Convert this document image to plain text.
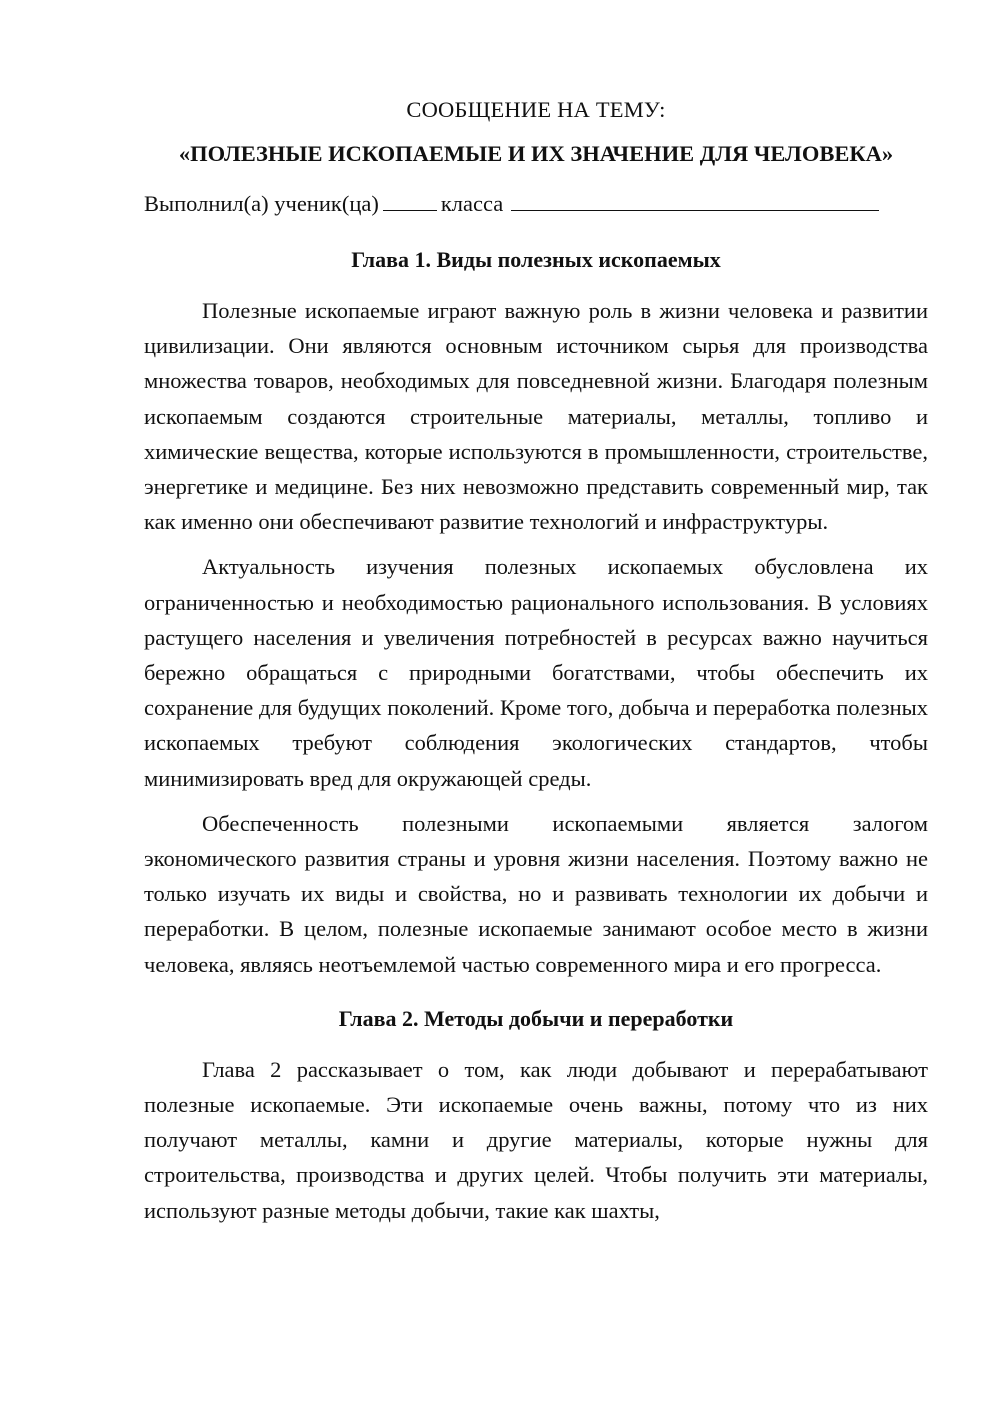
СООБЩЕНИЕ НА ТЕМУ:
«ПОЛЕЗНЫЕ ИСКОПАЕМЫЕ И ИХ ЗНАЧЕНИЕ ДЛЯ ЧЕЛОВЕКА»

Выполнил(а) ученик(ца)	класса

Глава 1. Виды полезных ископаемых

Полезные ископаемые играют важную роль в жизни человека и развитии цивилизации. Они являются основным источником сырья для производства множества товаров, необходимых для повседневной жизни. Благодаря полезным ископаемым создаются строительные материалы, металлы, топливо и химические вещества, которые используются в промышленности, строительстве, энергетике и медицине. Без них невозможно представить современный мир, так как именно они обеспечивают развитие технологий и инфраструктуры.

Актуальность изучения полезных ископаемых обусловлена их ограниченностью и необходимостью рационального использования. В условиях растущего населения и увеличения потребностей в ресурсах важно научиться бережно обращаться с природными богатствами, чтобы обеспечить их сохранение для будущих поколений. Кроме того, добыча и переработка полезных ископаемых требуют соблюдения экологических стандартов, чтобы минимизировать вред для окружающей среды.

Обеспеченность полезными ископаемыми является залогом экономического развития страны и уровня жизни населения. Поэтому важно не только изучать их виды и свойства, но и развивать технологии их добычи и переработки. В целом, полезные ископаемые занимают особое место в жизни человека, являясь неотъемлемой частью современного мира и его прогресса.

Глава 2. Методы добычи и переработки

Глава 2 рассказывает о том, как люди добывают и перерабатывают полезные ископаемые. Эти ископаемые очень важны, потому что из них получают металлы, камни и другие материалы, которые нужны для строительства, производства и других целей. Чтобы получить эти материалы, используют разные методы добычи, такие как шахты,
